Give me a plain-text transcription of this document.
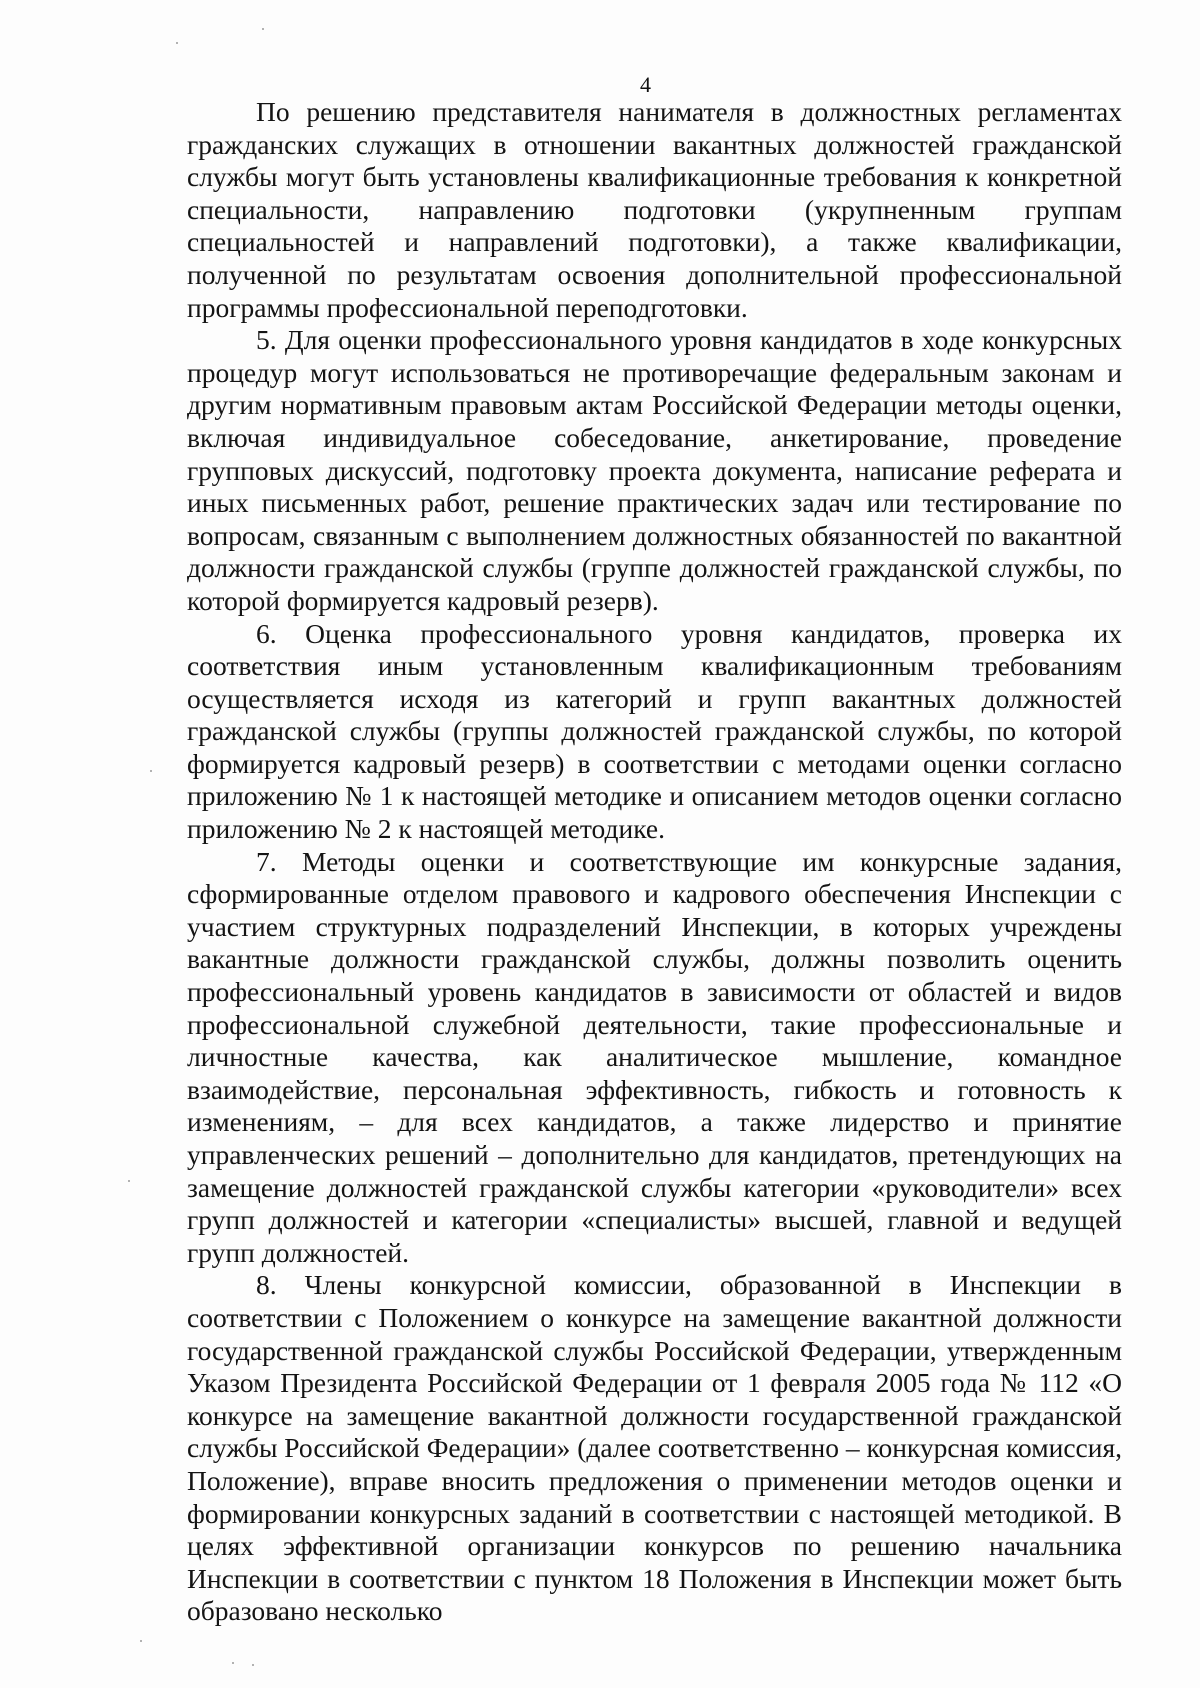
4

По решению представителя нанимателя в должностных регламентах гражданских служащих в отношении вакантных должностей гражданской службы могут быть установлены квалификационные требования к конкретной специальности, направлению подготовки (укрупненным группам специальностей и направлений подготовки), а также квалификации, полученной по результатам освоения дополнительной профессиональной программы профессиональной переподготовки.

5. Для оценки профессионального уровня кандидатов в ходе конкурсных процедур могут использоваться не противоречащие федеральным законам и другим нормативным правовым актам Российской Федерации методы оценки, включая индивидуальное собеседование, анкетирование, проведение групповых дискуссий, подготовку проекта документа, написание реферата и иных письменных работ, решение практических задач или тестирование по вопросам, связанным с выполнением должностных обязанностей по вакантной должности гражданской службы (группе должностей гражданской службы, по которой формируется кадровый резерв).

6. Оценка профессионального уровня кандидатов, проверка их соответствия иным установленным квалификационным требованиям осуществляется исходя из категорий и групп вакантных должностей гражданской службы (группы должностей гражданской службы, по которой формируется кадровый резерв) в соответствии с методами оценки согласно приложению № 1 к настоящей методике и описанием методов оценки согласно приложению № 2 к настоящей методике.

7. Методы оценки и соответствующие им конкурсные задания, сформированные отделом правового и кадрового обеспечения Инспекции с участием структурных подразделений Инспекции, в которых учреждены вакантные должности гражданской службы, должны позволить оценить профессиональный уровень кандидатов в зависимости от областей и видов профессиональной служебной деятельности, такие профессиональные и личностные качества, как аналитическое мышление, командное взаимодействие, персональная эффективность, гибкость и готовность к изменениям, – для всех кандидатов, а также лидерство и принятие управленческих решений – дополнительно для кандидатов, претендующих на замещение должностей гражданской службы категории «руководители» всех групп должностей и категории «специалисты» высшей, главной и ведущей групп должностей.

8. Члены конкурсной комиссии, образованной в Инспекции в соответствии с Положением о конкурсе на замещение вакантной должности государственной гражданской службы Российской Федерации, утвержденным Указом Президента Российской Федерации от 1 февраля 2005 года № 112 «О конкурсе на замещение вакантной должности государственной гражданской службы Российской Федерации» (далее соответственно – конкурсная комиссия, Положение), вправе вносить предложения о применении методов оценки и формировании конкурсных заданий в соответствии с настоящей методикой. В целях эффективной организации конкурсов по решению начальника Инспекции в соответствии с пунктом 18 Положения в Инспекции может быть образовано несколько
